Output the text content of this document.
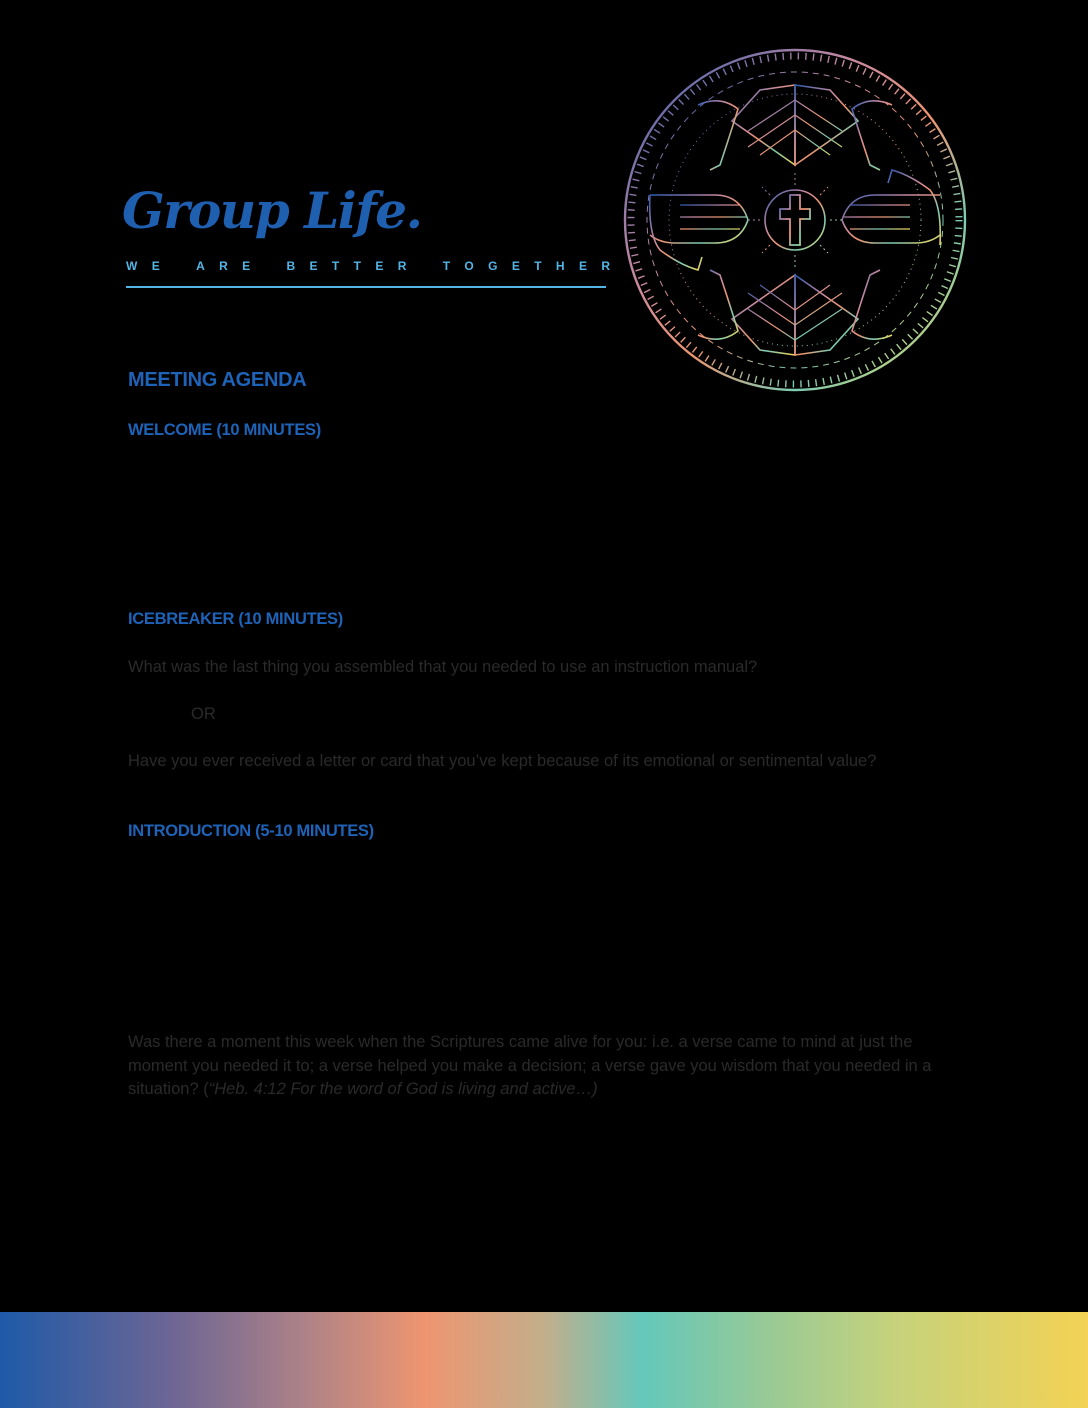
Group Life.
W E	A R E	B E T T E R	T O G E T H E R
MEETING AGENDA
WELCOME (10 MINUTES)
ICEBREAKER (10 MINUTES)

What was the last thing you assembled that you needed to use an instruction manual?

OR

Have you ever received a letter or card that you’ve kept because of its emotional or sentimental value?

INTRODUCTION (5-10 MINUTES)

Was there a moment this week when the Scriptures came alive for you: i.e. a verse came to mind at just the moment you needed it to; a verse helped you make a decision; a verse gave you wisdom that you needed in a situation? (“Heb. 4:12 For the word of God is living and active…)
